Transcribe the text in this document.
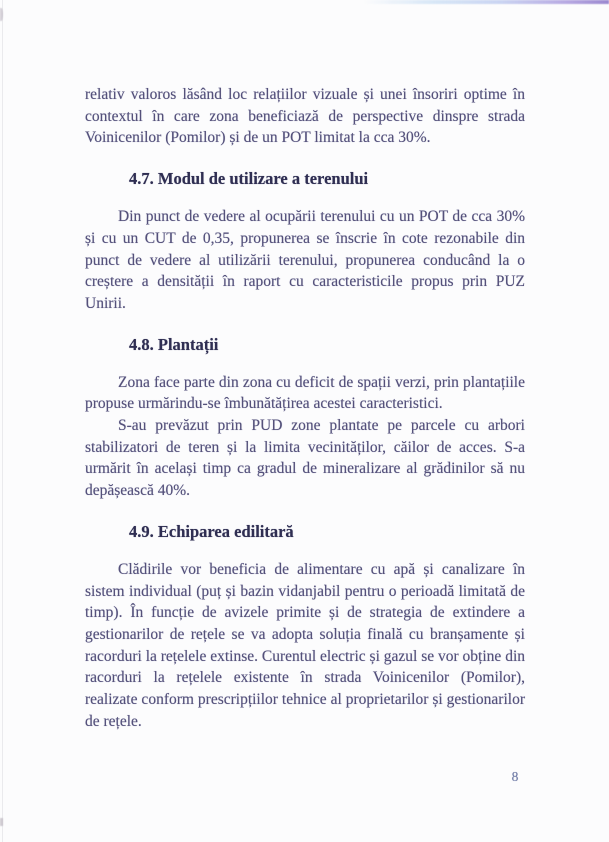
relativ valoros lăsând loc relațiilor vizuale și unei însoriri optime în contextul în care zona beneficiază de perspective dinspre strada Voinicenilor (Pomilor) și de un POT limitat la cca 30%.

4.7. Modul de utilizare a terenului

Din punct de vedere al ocupării terenului cu un POT de cca 30% și cu un CUT de 0,35, propunerea se înscrie în cote rezonabile din punct de vedere al utilizării terenului, propunerea conducând la o creștere a densității în raport cu caracteristicile propus prin PUZ Unirii.

4.8. Plantații

Zona face parte din zona cu deficit de spații verzi, prin plantațiile propuse urmărindu-se îmbunătățirea acestei caracteristici.

S-au prevăzut prin PUD zone plantate pe parcele cu arbori stabilizatori de teren și la limita vecinităților, căilor de acces. S-a urmărit în același timp ca gradul de mineralizare al grădinilor să nu depășească 40%.

4.9. Echiparea edilitară

Clădirile vor beneficia de alimentare cu apă și canalizare în sistem individual (puț și bazin vidanjabil pentru o perioadă limitată de timp). În funcție de avizele primite și de strategia de extindere a gestionarilor de rețele se va adopta soluția finală cu branșamente și racorduri la rețelele extinse. Curentul electric și gazul se vor obține din racorduri la rețelele existente în strada Voinicenilor (Pomilor), realizate conform prescripțiilor tehnice al proprietarilor și gestionarilor de rețele.

8
